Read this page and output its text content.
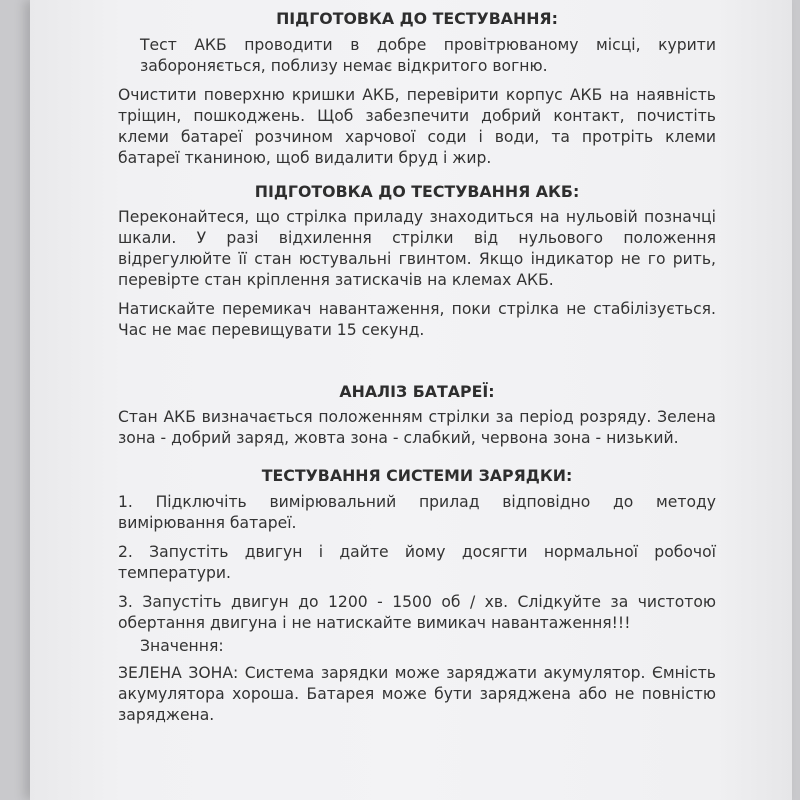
ПІДГОТОВКА ДО ТЕСТУВАННЯ:

Тест АКБ проводити в добре провітрюваному місці, курити забороняється, поблизу немає відкритого вогню.

Очистити поверхню кришки АКБ, перевірити корпус АКБ на наявність тріщин, пошкоджень. Щоб забезпечити добрий контакт, почистіть клеми батареї розчином харчової соди і води, та протріть клеми батареї тканиною, щоб видалити бруд і жир.

ПІДГОТОВКА ДО ТЕСТУВАННЯ АКБ:

Переконайтеся, що стрілка приладу знаходиться на нульовій позначці шкали. У разі відхилення стрілки від нульового положення відрегулюйте її стан юстувальні гвинтом. Якщо індикатор не го рить, перевірте стан кріплення затискачів на клемах АКБ.

Натискайте перемикач навантаження, поки стрілка не стабілізується. Час не має перевищувати 15 секунд.

АНАЛІЗ БАТАРЕЇ:

Стан АКБ визначається положенням стрілки за період розряду. Зелена зона - добрий заряд, жовта зона - слабкий, червона зона - низький.

ТЕСТУВАННЯ СИСТЕМИ ЗАРЯДКИ:

1. Підключіть вимірювальний прилад відповідно до методу вимірювання батареї.

2. Запустіть двигун і дайте йому досягти нормальної робочої температури.

3. Запустіть двигун до 1200 - 1500 об / хв. Слідкуйте за чистотою обертання двигуна і не натискайте вимикач навантаження!!!

Значення:

ЗЕЛЕНА ЗОНА: Система зарядки може заряджати акумулятор. Ємність акумулятора хороша. Батарея може бути заряджена або не повністю заряджена.
